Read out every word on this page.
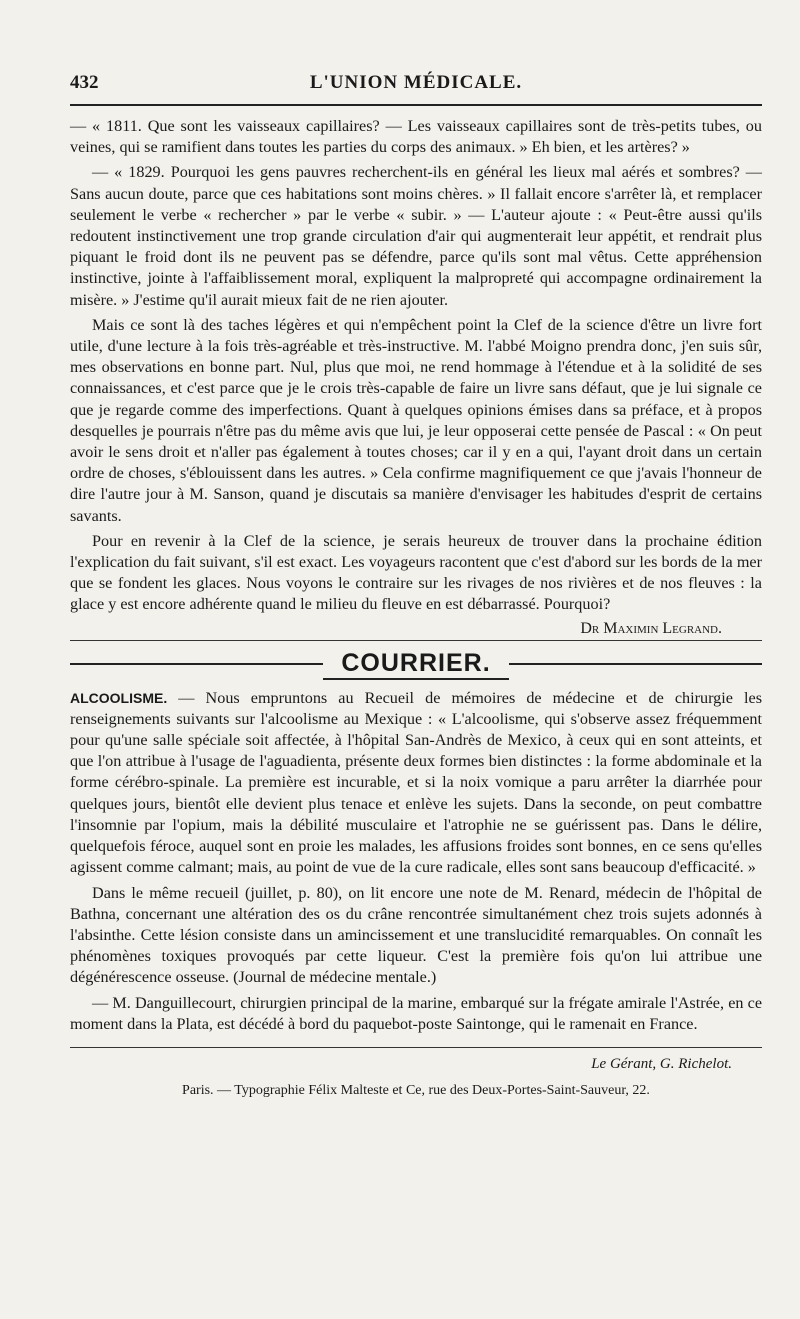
432	L'UNION MÉDICALE.

— « 1811. Que sont les vaisseaux capillaires? — Les vaisseaux capillaires sont de très-petits tubes, ou veines, qui se ramifient dans toutes les parties du corps des animaux. » Eh bien, et les artères? »

— « 1829. Pourquoi les gens pauvres recherchent-ils en général les lieux mal aérés et sombres? — Sans aucun doute, parce que ces habitations sont moins chères. » Il fallait encore s'arrêter là, et remplacer seulement le verbe « rechercher » par le verbe « subir. » — L'auteur ajoute : « Peut-être aussi qu'ils redoutent instinctivement une trop grande circulation d'air qui augmenterait leur appétit, et rendrait plus piquant le froid dont ils ne peuvent pas se défendre, parce qu'ils sont mal vêtus. Cette appréhension instinctive, jointe à l'affaiblissement moral, expliquent la malpropreté qui accompagne ordinairement la misère. » J'estime qu'il aurait mieux fait de ne rien ajouter.

Mais ce sont là des taches légères et qui n'empêchent point la Clef de la science d'être un livre fort utile, d'une lecture à la fois très-agréable et très-instructive. M. l'abbé Moigno prendra donc, j'en suis sûr, mes observations en bonne part. Nul, plus que moi, ne rend hommage à l'étendue et à la solidité de ses connaissances, et c'est parce que je le crois très-capable de faire un livre sans défaut, que je lui signale ce que je regarde comme des imperfections. Quant à quelques opinions émises dans sa préface, et à propos desquelles je pourrais n'être pas du même avis que lui, je leur opposerai cette pensée de Pascal : « On peut avoir le sens droit et n'aller pas également à toutes choses; car il y en a qui, l'ayant droit dans un certain ordre de choses, s'éblouissent dans les autres. » Cela confirme magnifiquement ce que j'avais l'honneur de dire l'autre jour à M. Sanson, quand je discutais sa manière d'envisager les habitudes d'esprit de certains savants.

Pour en revenir à la Clef de la science, je serais heureux de trouver dans la prochaine édition l'explication du fait suivant, s'il est exact. Les voyageurs racontent que c'est d'abord sur les bords de la mer que se fondent les glaces. Nous voyons le contraire sur les rivages de nos rivières et de nos fleuves : la glace y est encore adhérente quand le milieu du fleuve en est débarrassé. Pourquoi?

Dr Maximin Legrand.
COURRIER.

ALCOOLISME. — Nous empruntons au Recueil de mémoires de médecine et de chirurgie les renseignements suivants sur l'alcoolisme au Mexique : « L'alcoolisme, qui s'observe assez fréquemment pour qu'une salle spéciale soit affectée, à l'hôpital San-Andrès de Mexico, à ceux qui en sont atteints, et que l'on attribue à l'usage de l'aguadienta, présente deux formes bien distinctes : la forme abdominale et la forme cérébro-spinale. La première est incurable, et si la noix vomique a paru arrêter la diarrhée pour quelques jours, bientôt elle devient plus tenace et enlève les sujets. Dans la seconde, on peut combattre l'insomnie par l'opium, mais la débilité musculaire et l'atrophie ne se guérissent pas. Dans le délire, quelquefois féroce, auquel sont en proie les malades, les affusions froides sont bonnes, en ce sens qu'elles agissent comme calmant; mais, au point de vue de la cure radicale, elles sont sans beaucoup d'efficacité. »

Dans le même recueil (juillet, p. 80), on lit encore une note de M. Renard, médecin de l'hôpital de Bathna, concernant une altération des os du crâne rencontrée simultanément chez trois sujets adonnés à l'absinthe. Cette lésion consiste dans un amincissement et une translucidité remarquables. On connaît les phénomènes toxiques provoqués par cette liqueur. C'est la première fois qu'on lui attribue une dégénérescence osseuse. (Journal de médecine mentale.)

— M. Danguillecourt, chirurgien principal de la marine, embarqué sur la frégate amirale l'Astrée, en ce moment dans la Plata, est décédé à bord du paquebot-poste Saintonge, qui le ramenait en France.

Le Gérant, G. Richelot.
Paris. — Typographie Félix Malteste et Ce, rue des Deux-Portes-Saint-Sauveur, 22.
